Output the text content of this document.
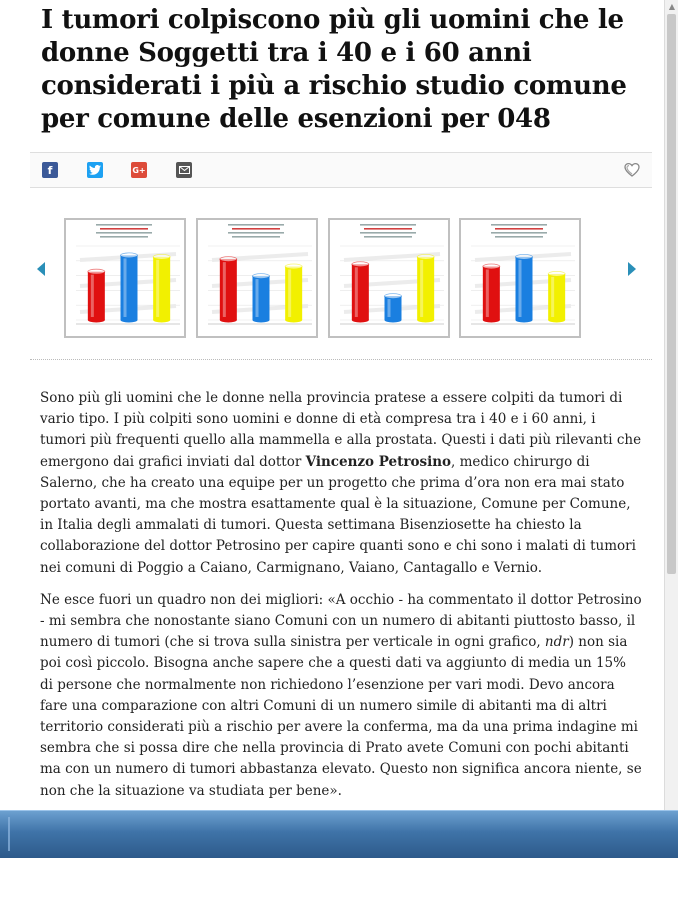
I tumori colpiscono più gli uomini che le donne Soggetti tra i 40 e i 60 anni considerati i più a rischio studio comune per comune delle esenzioni per 048
f	G+

Sono più gli uomini che le donne nella provincia pratese a essere colpiti da tumori di vario tipo. I più colpiti sono uomini e donne di età compresa tra i 40 e i 60 anni, i tumori più frequenti quello alla mammella e alla prostata. Questi i dati più rilevanti che emergono dai grafici inviati dal dottor Vincenzo Petrosino, medico chirurgo di Salerno, che ha creato una equipe per un progetto che prima d’ora non era mai stato portato avanti, ma che mostra esattamente qual è la situazione, Comune per Comune, in Italia degli ammalati di tumori. Questa settimana Bisenziosette ha chiesto la collaborazione del dottor Petrosino per capire quanti sono e chi sono i malati di tumori nei comuni di Poggio a Caiano, Carmignano, Vaiano, Cantagallo e Vernio.

Ne esce fuori un quadro non dei migliori: «A occhio - ha commentato il dottor Petrosino - mi sembra che nonostante siano Comuni con un numero di abitanti piuttosto basso, il numero di tumori (che si trova sulla sinistra per verticale in ogni grafico, ndr) non sia poi così piccolo. Bisogna anche sapere che a questi dati va aggiunto di media un 15% di persone che normalmente non richiedono l’esenzione per vari modi. Devo ancora fare una comparazione con altri Comuni di un numero simile di abitanti ma di altri territorio considerati più a rischio per avere la conferma, ma da una prima indagine mi sembra che si possa dire che nella provincia di Prato avete Comuni con pochi abitanti ma con un numero di tumori abbastanza elevato. Questo non significa ancora niente, se non che la situazione va studiata per bene».

▲
